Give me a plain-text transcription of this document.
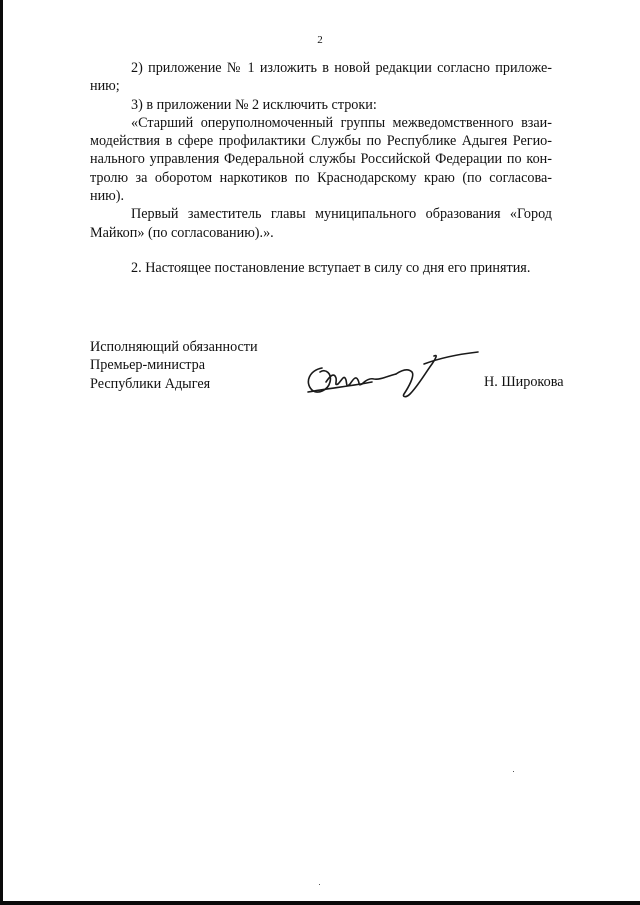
2
2) приложение № 1 изложить в новой редакции согласно приложе-
нию;
3) в приложении № 2 исключить строки:
«Старший оперуполномоченный группы межведомственного взаи-
модействия в сфере профилактики Службы по Республике Адыгея Регио-
нального управления Федеральной службы Российской Федерации по кон-
тролю за оборотом наркотиков по Краснодарскому краю (по согласова-
нию).
Первый заместитель главы муниципального образования «Город
Майкоп» (по согласованию).».
2. Настоящее постановление вступает в силу со дня его принятия.
Исполняющий обязанности
Премьер-министра
Республики Адыгея	Н. Широкова
